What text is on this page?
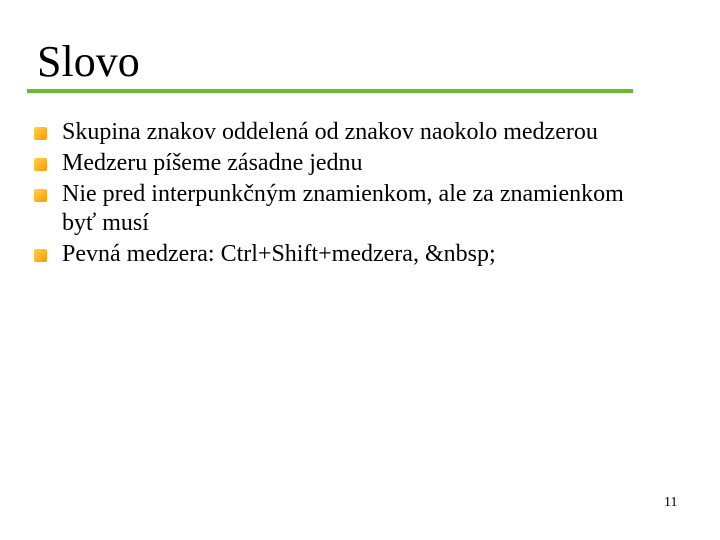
Slovo
Skupina znakov oddelená od znakov naokolo medzerou
Medzeru píšeme zásadne jednu
Nie pred interpunkčným znamienkom, ale za znamienkom byť musí
Pevná medzera: Ctrl+Shift+medzera, &nbsp;
11
